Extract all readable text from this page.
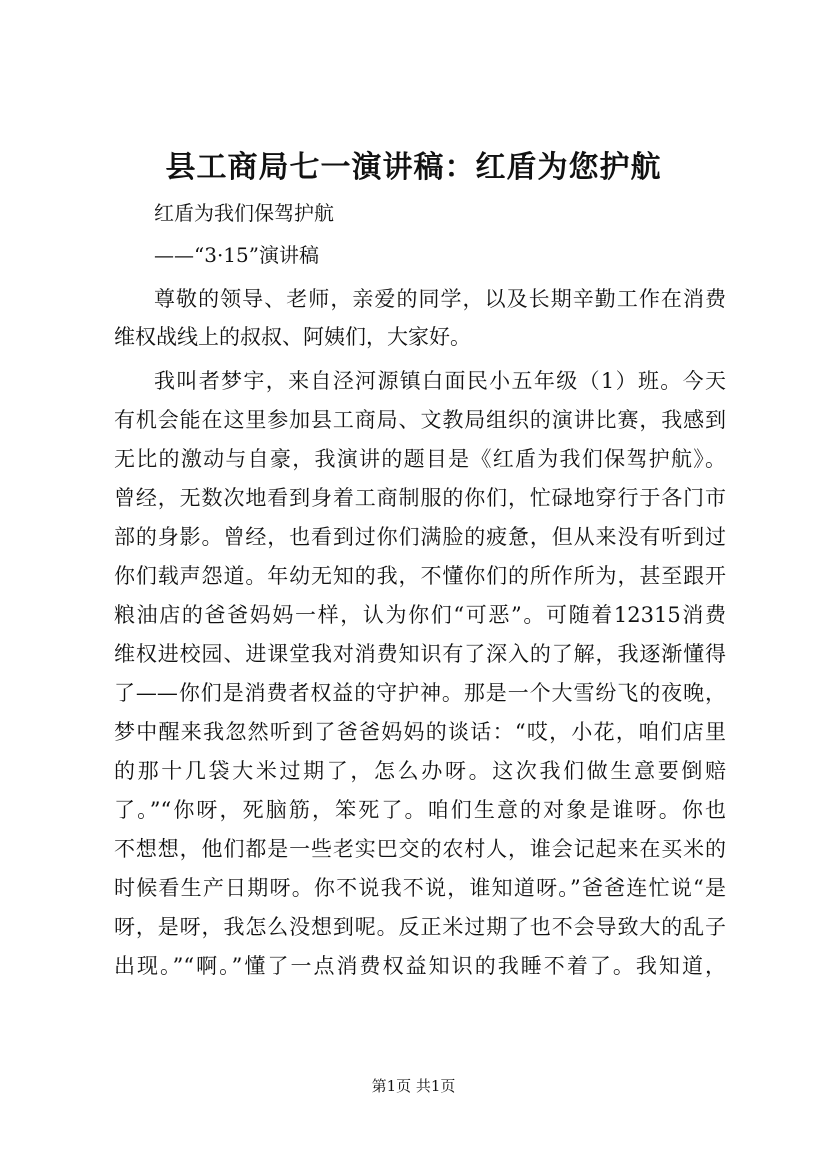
县工商局七一演讲稿：红盾为您护航
红盾为我们保驾护航
——“3·15”演讲稿
尊敬的领导、老师，亲爱的同学，以及长期辛勤工作在消费
维权战线上的叔叔、阿姨们，大家好。
我叫者梦宇，来自泾河源镇白面民小五年级（1）班。今天
有机会能在这里参加县工商局、文教局组织的演讲比赛，我感到
无比的激动与自豪，我演讲的题目是《红盾为我们保驾护航》。
曾经，无数次地看到身着工商制服的你们，忙碌地穿行于各门市
部的身影。曾经，也看到过你们满脸的疲惫，但从来没有听到过
你们载声怨道。年幼无知的我，不懂你们的所作所为，甚至跟开
粮油店的爸爸妈妈一样，认为你们“可恶”。可随着12315消费
维权进校园、进课堂我对消费知识有了深入的了解，我逐渐懂得
了——你们是消费者权益的守护神。那是一个大雪纷飞的夜晚，
梦中醒来我忽然听到了爸爸妈妈的谈话：“哎，小花，咱们店里
的那十几袋大米过期了，怎么办呀。这次我们做生意要倒赔
了。”“你呀，死脑筋，笨死了。咱们生意的对象是谁呀。你也
不想想，他们都是一些老实巴交的农村人，谁会记起来在买米的
时候看生产日期呀。你不说我不说，谁知道呀。”爸爸连忙说“是
呀，是呀，我怎么没想到呢。反正米过期了也不会导致大的乱子
出现。”“啊。”懂了一点消费权益知识的我睡不着了。我知道，
第1页 共1页
